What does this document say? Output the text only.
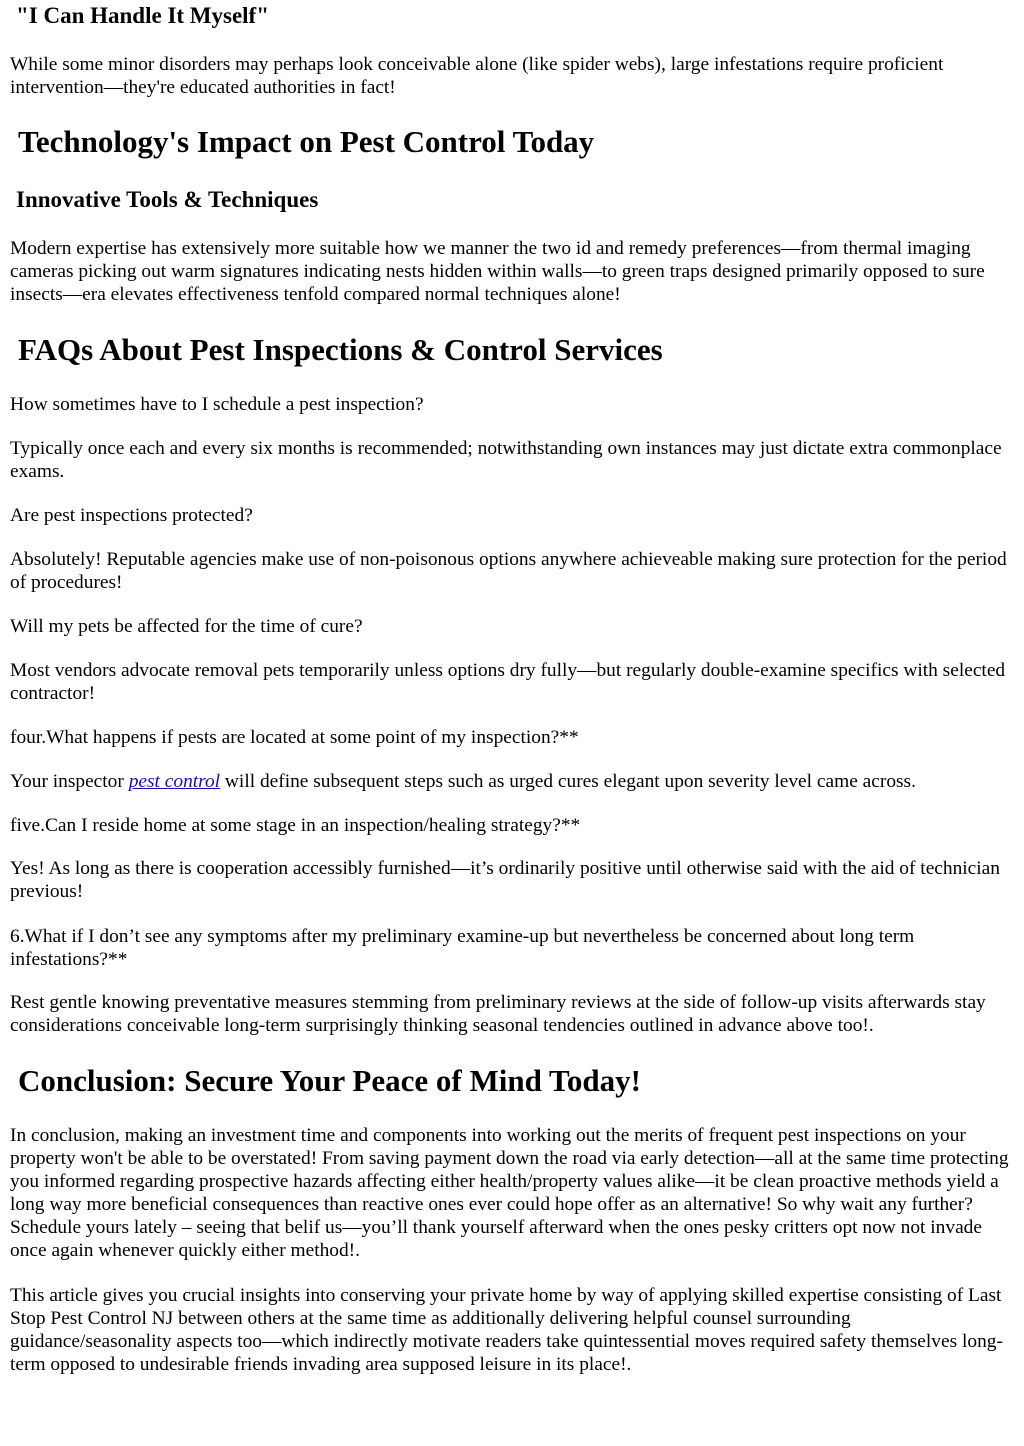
"I Can Handle It Myself"

While some minor disorders may perhaps look conceivable alone (like spider webs), large infestations require proficient intervention—they're educated authorities in fact!

Technology's Impact on Pest Control Today
Innovative Tools & Techniques

Modern expertise has extensively more suitable how we manner the two id and remedy preferences—from thermal imaging cameras picking out warm signatures indicating nests hidden within walls—to green traps designed primarily opposed to sure insects—era elevates effectiveness tenfold compared normal techniques alone!

FAQs About Pest Inspections & Control Services

How sometimes have to I schedule a pest inspection?

Typically once each and every six months is recommended; notwithstanding own instances may just dictate extra commonplace exams.

Are pest inspections protected?

Absolutely! Reputable agencies make use of non-poisonous options anywhere achieveable making sure protection for the period of procedures!

Will my pets be affected for the time of cure?

Most vendors advocate removal pets temporarily unless options dry fully—but regularly double-examine specifics with selected contractor!

four.What happens if pests are located at some point of my inspection?**

Your inspector pest control will define subsequent steps such as urged cures elegant upon severity level came across.

five.Can I reside home at some stage in an inspection/healing strategy?**

Yes! As long as there is cooperation accessibly furnished—it’s ordinarily positive until otherwise said with the aid of technician previous!

6.What if I don’t see any symptoms after my preliminary examine-up but nevertheless be concerned about long term infestations?**

Rest gentle knowing preventative measures stemming from preliminary reviews at the side of follow-up visits afterwards stay considerations conceivable long-term surprisingly thinking seasonal tendencies outlined in advance above too!.

Conclusion: Secure Your Peace of Mind Today!

In conclusion, making an investment time and components into working out the merits of frequent pest inspections on your property won't be able to be overstated! From saving payment down the road via early detection—all at the same time protecting you informed regarding prospective hazards affecting either health/property values alike—it be clean proactive methods yield a long way more beneficial consequences than reactive ones ever could hope offer as an alternative! So why wait any further? Schedule yours lately – seeing that belif us—you’ll thank yourself afterward when the ones pesky critters opt now not invade once again whenever quickly either method!.

This article gives you crucial insights into conserving your private home by way of applying skilled expertise consisting of Last Stop Pest Control NJ between others at the same time as additionally delivering helpful counsel surrounding guidance/seasonality aspects too—which indirectly motivate readers take quintessential moves required safety themselves long-term opposed to undesirable friends invading area supposed leisure in its place!.
